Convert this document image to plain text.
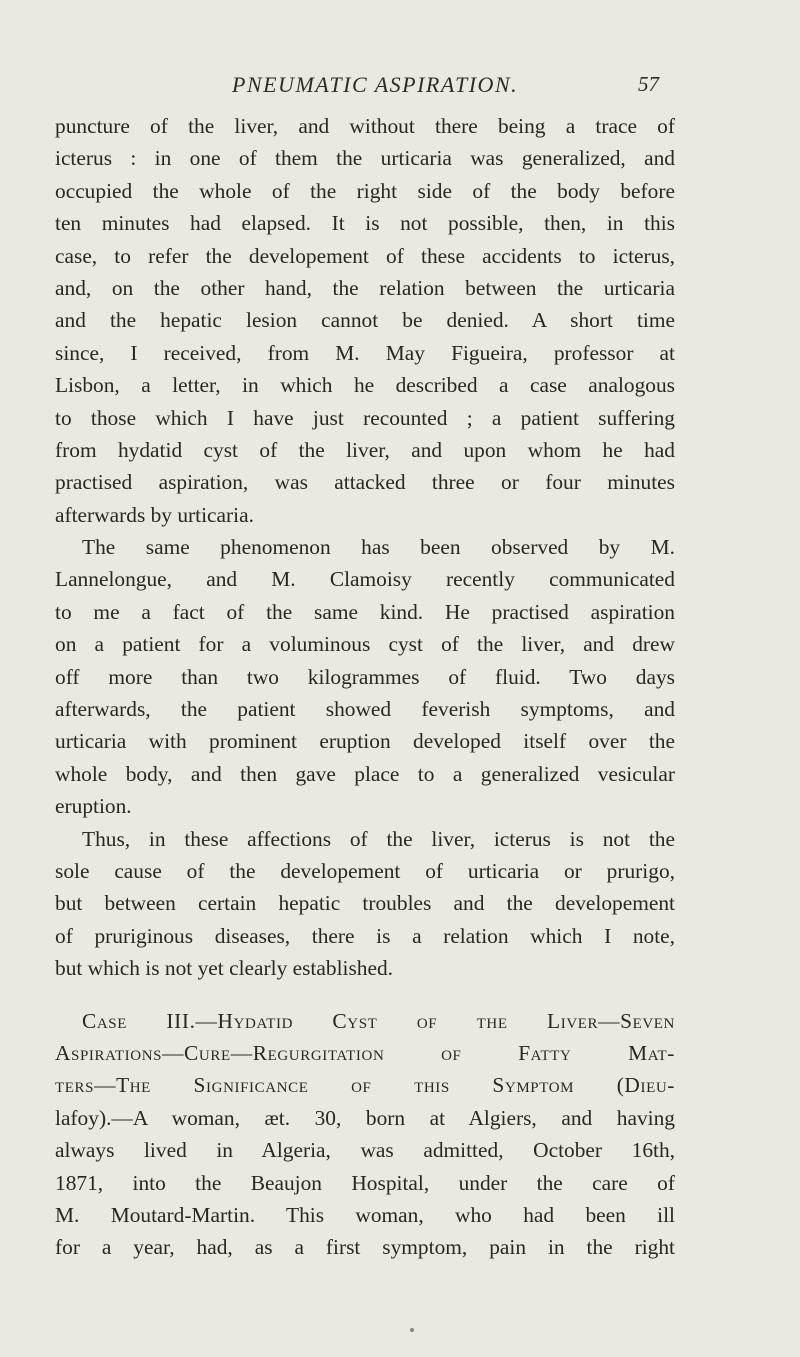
PNEUMATIC ASPIRATION.	57
puncture of the liver, and without there being a trace of
icterus : in one of them the urticaria was generalized, and
occupied the whole of the right side of the body before
ten minutes had elapsed. It is not possible, then, in this
case, to refer the developement of these accidents to icterus,
and, on the other hand, the relation between the urticaria
and the hepatic lesion cannot be denied. A short time
since, I received, from M. May Figueira, professor at
Lisbon, a letter, in which he described a case analogous
to those which I have just recounted ; a patient suffering
from hydatid cyst of the liver, and upon whom he had
practised aspiration, was attacked three or four minutes
afterwards by urticaria.
The same phenomenon has been observed by M.
Lannelongue, and M. Clamoisy recently communicated
to me a fact of the same kind. He practised aspiration
on a patient for a voluminous cyst of the liver, and drew
off more than two kilogrammes of fluid. Two days
afterwards, the patient showed feverish symptoms, and
urticaria with prominent eruption developed itself over the
whole body, and then gave place to a generalized vesicular
eruption.
Thus, in these affections of the liver, icterus is not the
sole cause of the developement of urticaria or prurigo,
but between certain hepatic troubles and the developement
of pruriginous diseases, there is a relation which I note,
but which is not yet clearly established.
Case III.—Hydatid Cyst of the Liver—Seven
Aspirations—Cure—Regurgitation of Fatty Mat-
ters—The Significance of this Symptom (Dieu-
lafoy).—A woman, æt. 30, born at Algiers, and having
always lived in Algeria, was admitted, October 16th,
1871, into the Beaujon Hospital, under the care of
M. Moutard-Martin. This woman, who had been ill
for a year, had, as a first symptom, pain in the right
